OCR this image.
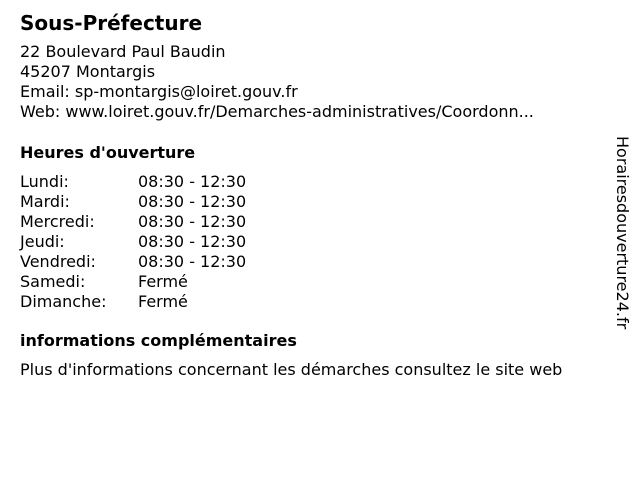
Sous-Préfecture
22 Boulevard Paul Baudin
45207 Montargis
Email: sp-montargis@loiret.gouv.fr
Web: www.loiret.gouv.fr/Demarches-administratives/Coordonn...
Heures d'ouverture
Lundi:	08:30 - 12:30
Mardi:	08:30 - 12:30
Mercredi:	08:30 - 12:30
Jeudi:	08:30 - 12:30
Vendredi:	08:30 - 12:30
Samedi:	Fermé
Dimanche:	Fermé
informations complémentaires
Plus d'informations concernant les démarches consultez le site web
Horairesdouverture24.fr
